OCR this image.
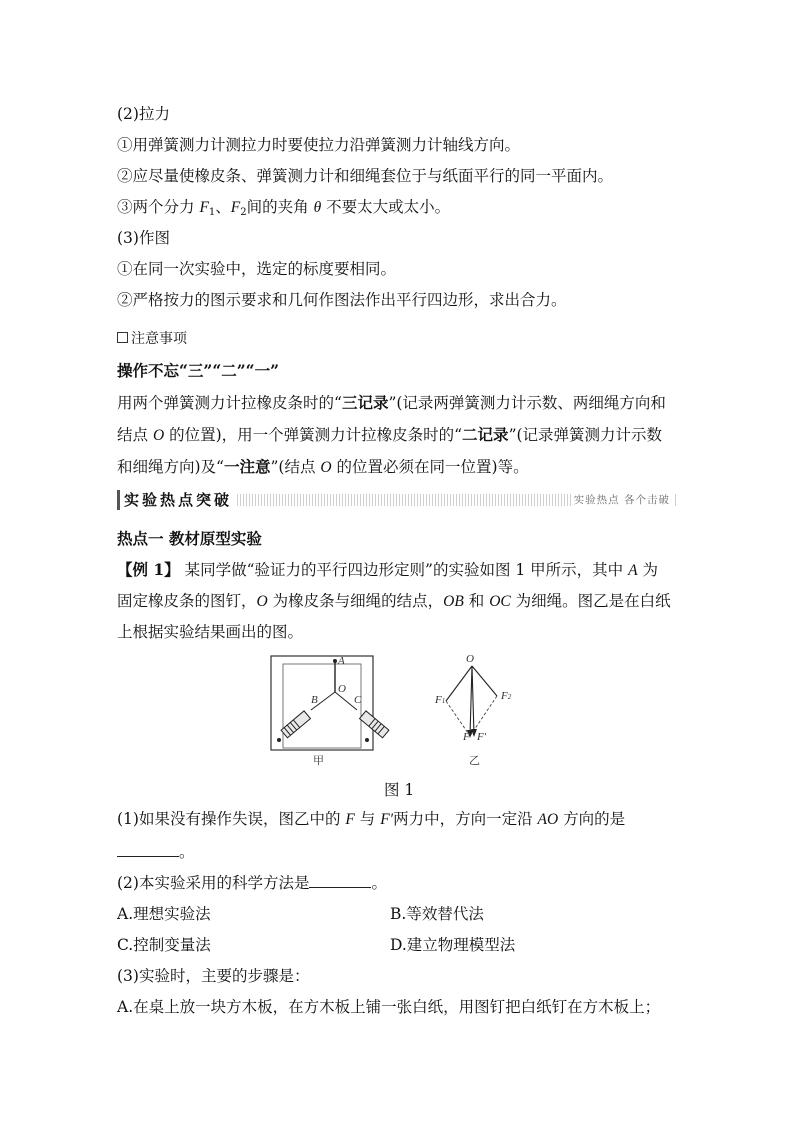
(2)拉力
①用弹簧测力计测拉力时要使拉力沿弹簧测力计轴线方向。
②应尽量使橡皮条、弹簧测力计和细绳套位于与纸面平行的同一平面内。
③两个分力 $F_1$、$F_2$间的夹角 θ 不要太大或太小。
(3)作图
①在同一次实验中，选定的标度要相同。
②严格按力的图示要求和几何作图法作出平行四边形，求出合力。
注意事项
操作不忘“三”“二”“一”
用两个弹簧测力计拉橡皮条时的“三记录”(记录两弹簧测力计示数、两细绳方向和
结点 O 的位置)，用一个弹簧测力计拉橡皮条时的“二记录”(记录弹簧测力计示数
和细绳方向)及“一注意”(结点 O 的位置必须在同一位置)等。
实验热点突破	实验热点 各个击破
热点一 教材原型实验
【例 1】 某同学做“验证力的平行四边形定则”的实验如图 1 甲所示，其中 A 为
固定橡皮条的图钉，O 为橡皮条与细绳的结点，OB 和 OC 为细绳。图乙是在白纸
上根据实验结果画出的图。
A
O
B	C
甲
O
F1	F2
F F′
乙
图 1
(1)如果没有操作失误，图乙中的 F 与 F′两力中，方向一定沿 AO 方向的是
。
(2)本实验采用的科学方法是	。
A.理想实验法	B.等效替代法
C.控制变量法	D.建立物理模型法
(3)实验时，主要的步骤是：
A.在桌上放一块方木板，在方木板上铺一张白纸，用图钉把白纸钉在方木板上；
